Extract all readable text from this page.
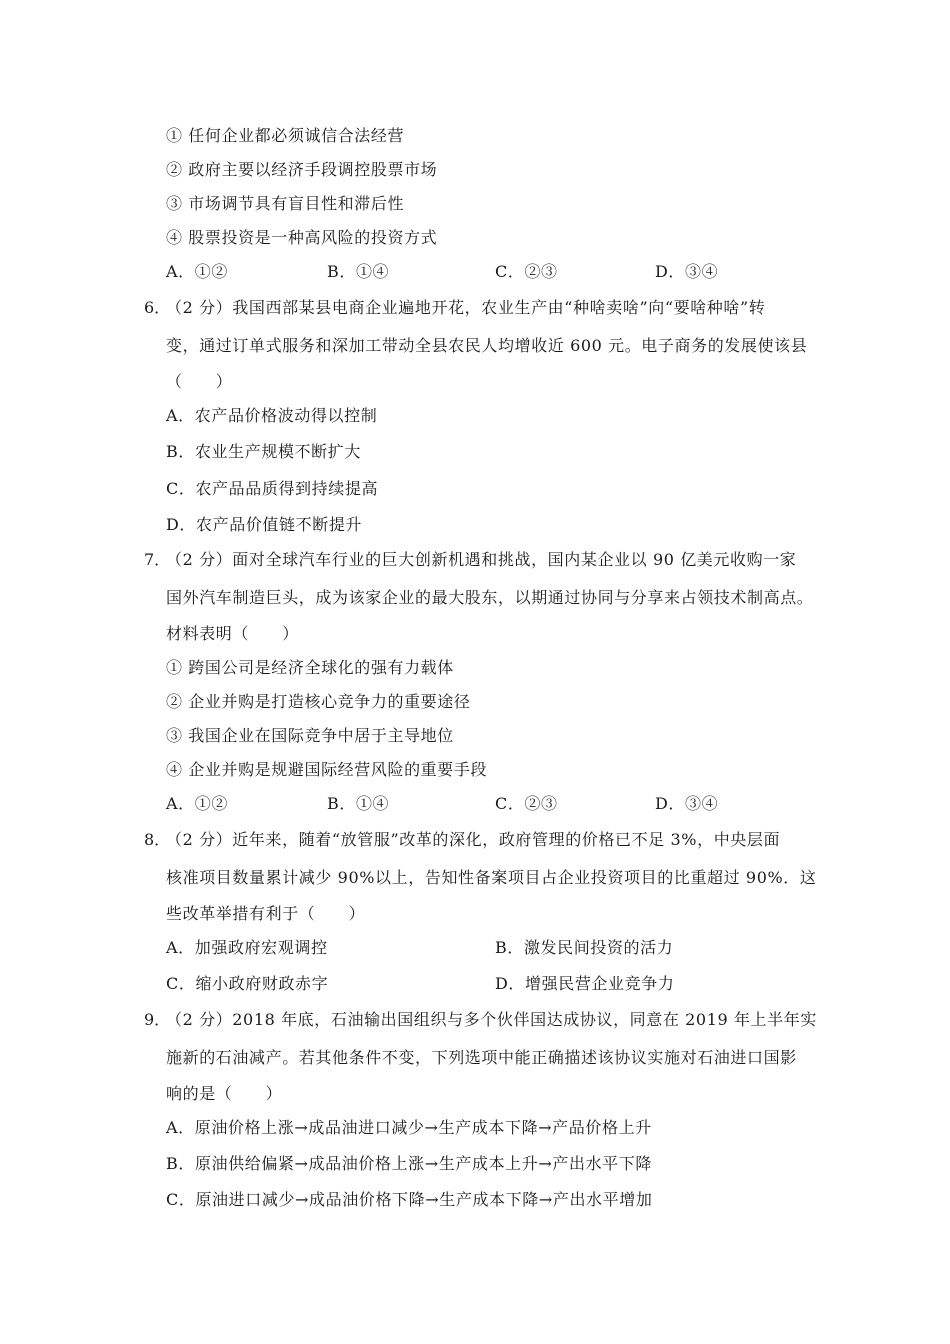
① 任何企业都必须诚信合法经营
② 政府主要以经济手段调控股票市场
③ 市场调节具有盲目性和滞后性
④ 股票投资是一种高风险的投资方式
A．①②	B．①④	C．②③	D．③④
6．
（2 分）我国西部某县电商企业遍地开花，农业生产由“种啥卖啥”向“要啥种啥”转
变，通过订单式服务和深加工带动全县农民人均增收近 600 元。电子商务的发展使该县
（　　）
A．农产品价格波动得以控制
B．农业生产规模不断扩大
C．农产品品质得到持续提高
D．农产品价值链不断提升
7．
（2 分）面对全球汽车行业的巨大创新机遇和挑战，国内某企业以 90 亿美元收购一家
国外汽车制造巨头，成为该家企业的最大股东，以期通过协同与分享来占领技术制高点。
材料表明（　　）
① 跨国公司是经济全球化的强有力载体
② 企业并购是打造核心竞争力的重要途径
③ 我国企业在国际竞争中居于主导地位
④ 企业并购是规避国际经营风险的重要手段
A．①②	B．①④	C．②③	D．③④
8．
（2 分）近年来，随着“放管服”改革的深化，政府管理的价格已不足 3%，中央层面
核准项目数量累计减少 90%以上，告知性备案项目占企业投资项目的比重超过 90%．这
些改革举措有利于（　　）
A．加强政府宏观调控	B．激发民间投资的活力
C．缩小政府财政赤字	D．增强民营企业竞争力
9．
（2 分）2018 年底，石油输出国组织与多个伙伴国达成协议，同意在 2019 年上半年实
施新的石油减产。若其他条件不变，下列选项中能正确描述该协议实施对石油进口国影
响的是（　　）
A．原油价格上涨→成品油进口减少→生产成本下降→产品价格上升
B．原油供给偏紧→成品油价格上涨→生产成本上升→产出水平下降
C．原油进口减少→成品油价格下降→生产成本下降→产出水平增加
